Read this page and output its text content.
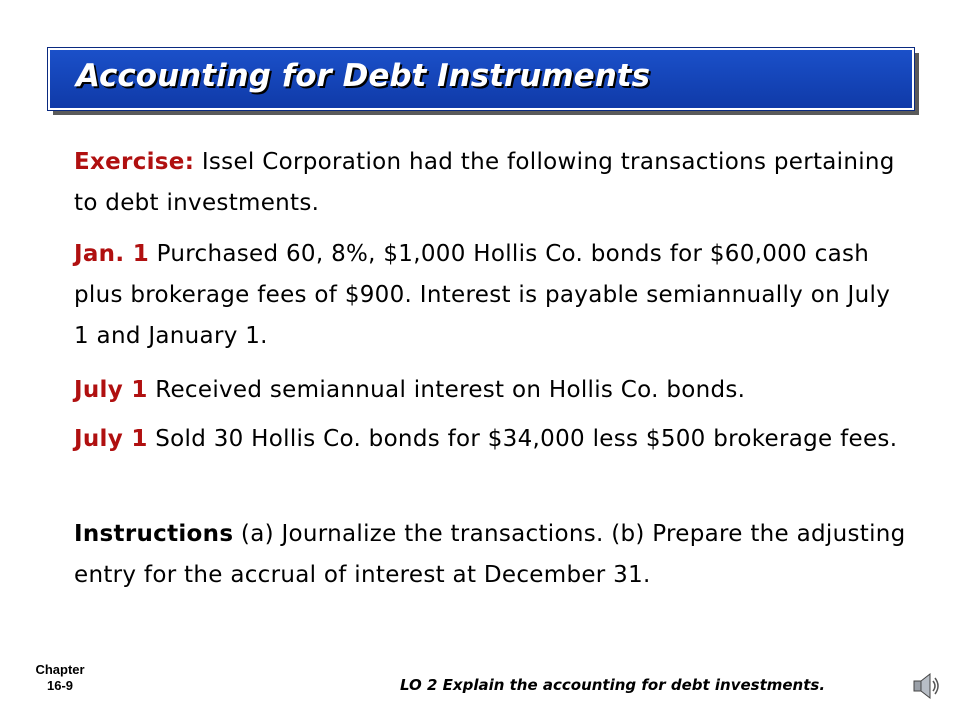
Accounting for Debt Instruments
Exercise: Issel Corporation had the following transactions pertaining to debt investments.
Jan. 1 Purchased 60, 8%, $1,000 Hollis Co. bonds for $60,000 cash plus brokerage fees of $900. Interest is payable semiannually on July 1 and January 1.
July 1 Received semiannual interest on Hollis Co. bonds.
July 1 Sold 30 Hollis Co. bonds for $34,000 less $500 brokerage fees.
Instructions (a) Journalize the transactions. (b) Prepare the adjusting entry for the accrual of interest at December 31.
Chapter
16-9	LO 2 Explain the accounting for debt investments.
